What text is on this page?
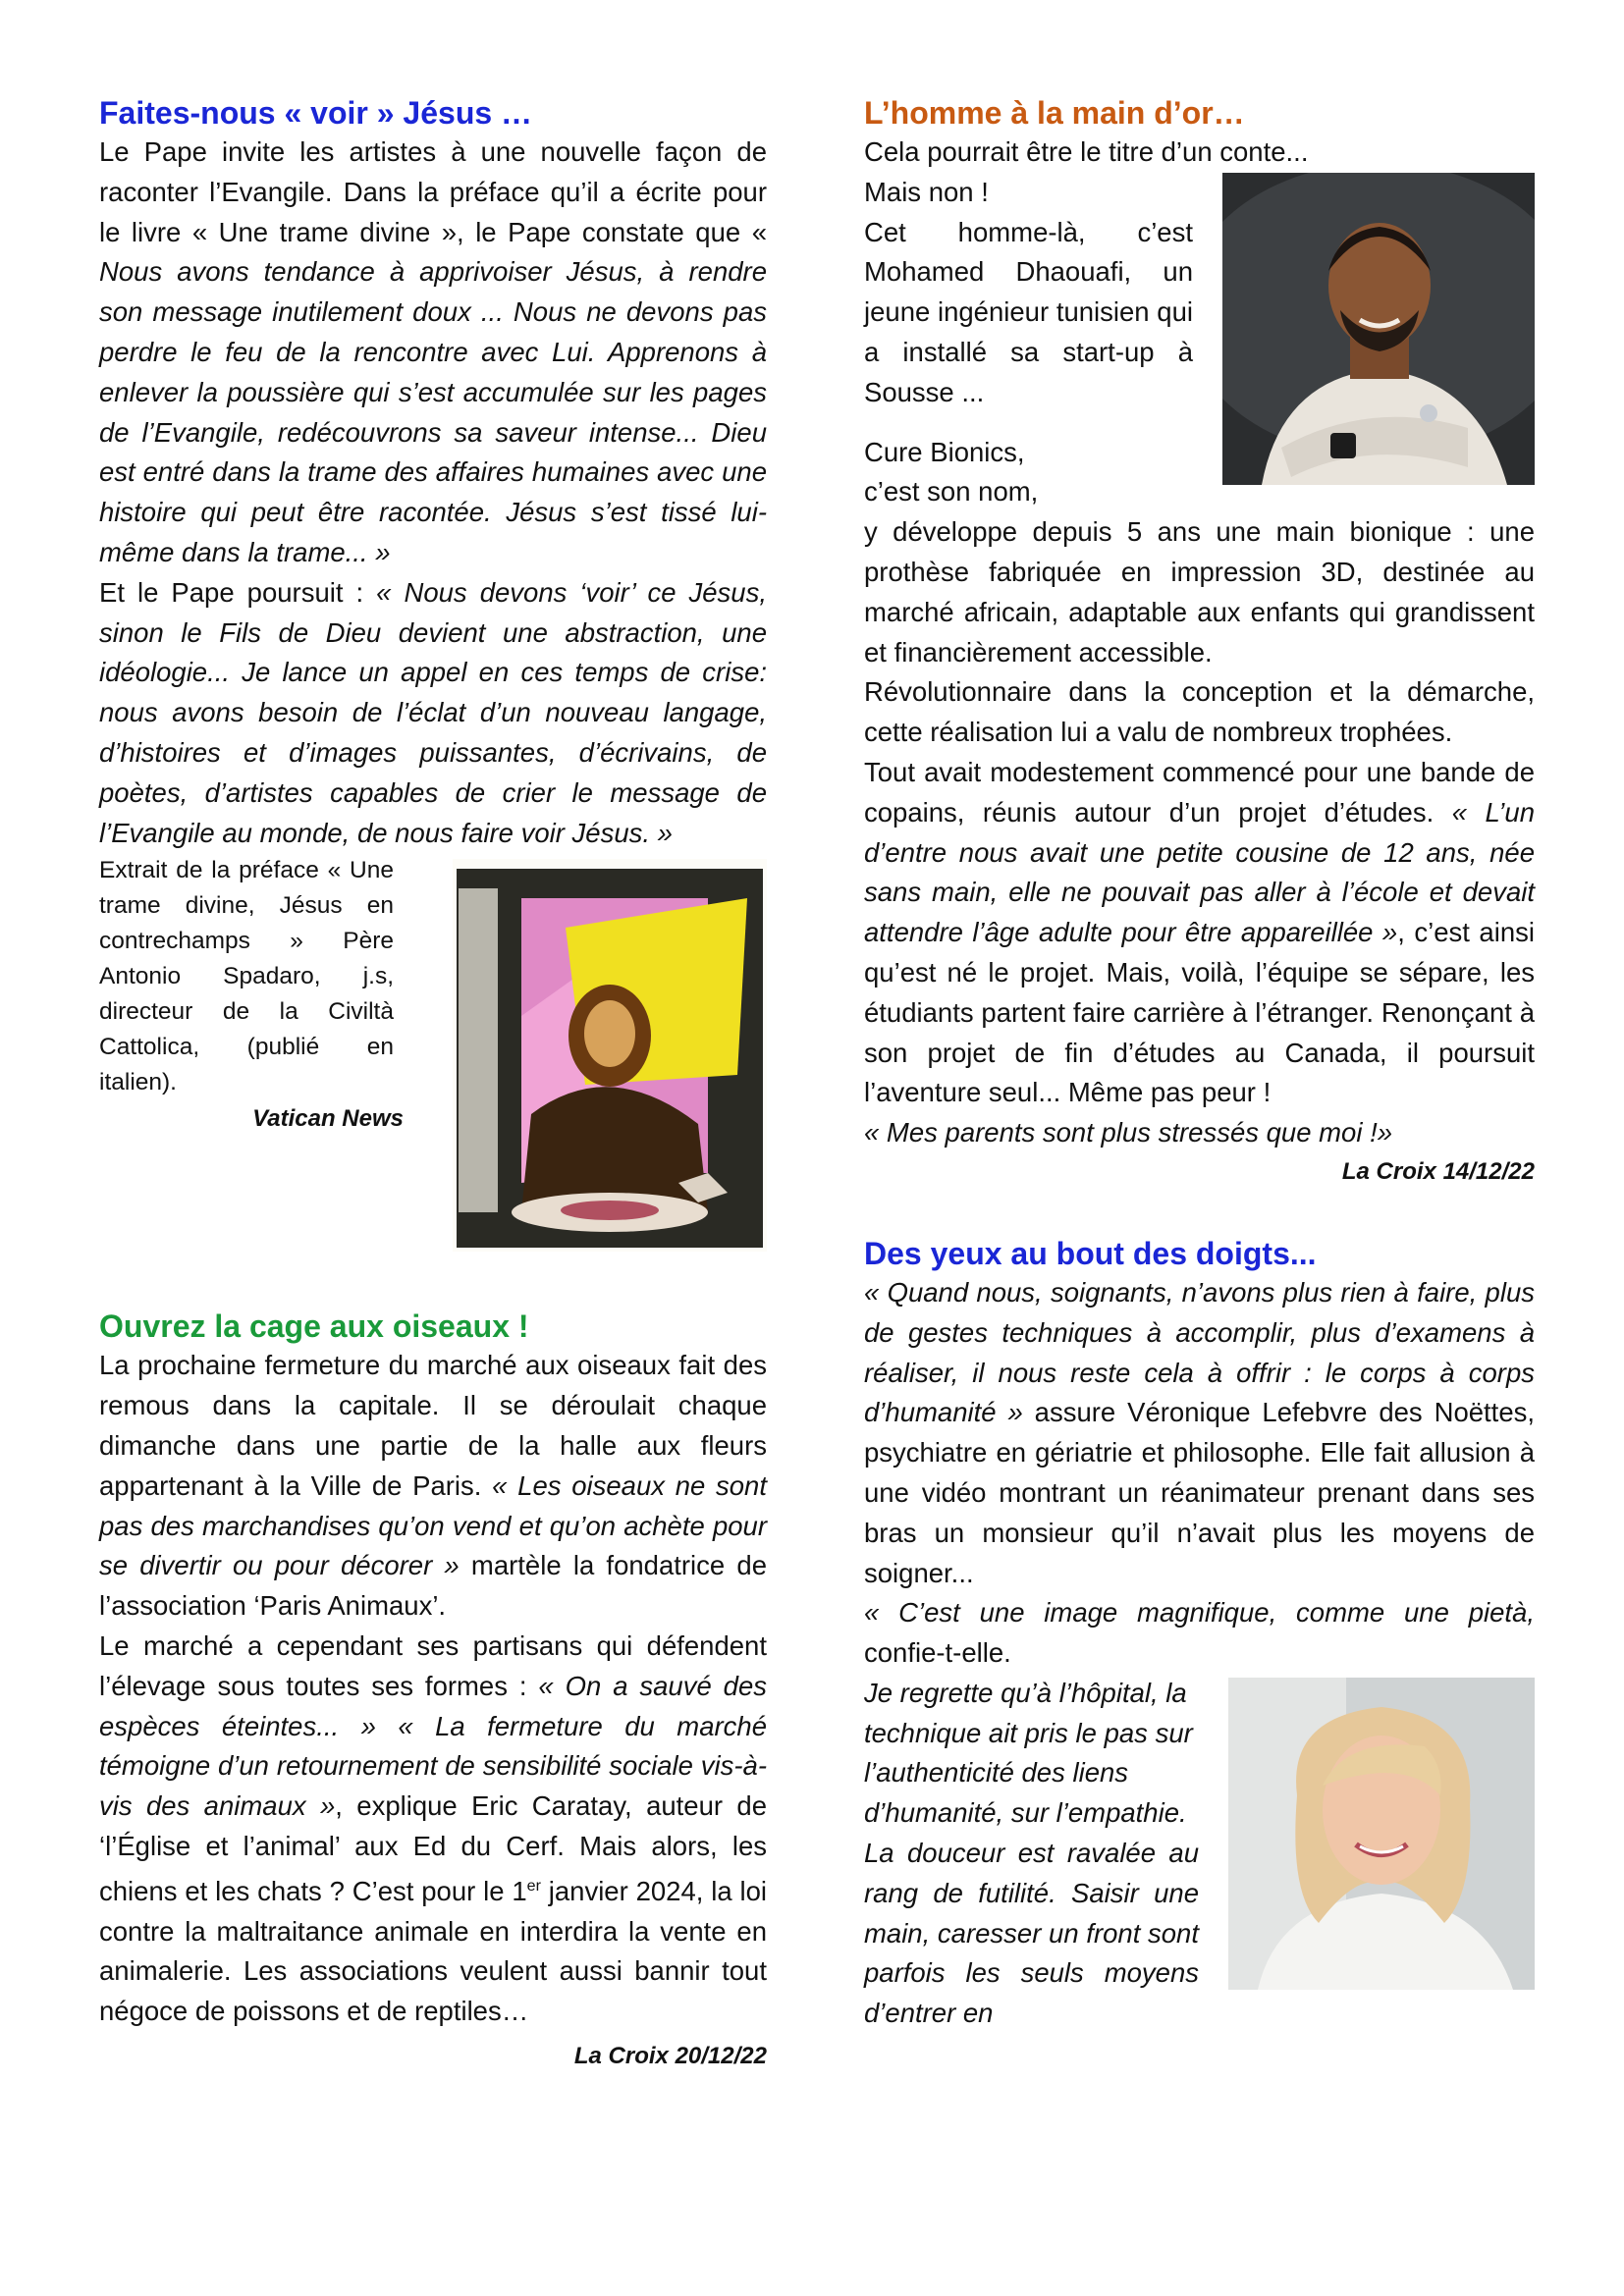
Faites-nous « voir » Jésus …

Le Pape invite les artistes à une nouvelle façon de raconter l’Evangile. Dans la préface qu’il a écrite pour le livre « Une trame divine », le Pape constate que « Nous avons tendance à apprivoiser Jésus, à rendre son message inutilement doux ... Nous ne devons pas perdre le feu de la rencontre avec Lui. Apprenons à enlever la poussière qui s’est accumulée sur les pages de l’Evangile, redécouvrons sa saveur intense... Dieu est entré dans la trame des affaires humaines avec une histoire qui peut être racontée. Jésus s’est tissé lui-même dans la trame... »

Et le Pape poursuit : « Nous devons ‘voir’ ce Jésus, sinon le Fils de Dieu devient une abstraction, une idéologie... Je lance un appel en ces temps de crise: nous avons besoin de l’éclat d’un nouveau langage, d’histoires et d’images puissantes, d’écrivains, de poètes, d’artistes capables de crier le message de l’Evangile au monde, de nous faire voir Jésus. »

Extrait de la préface « Une trame divine, Jésus en contrechamps » Père Antonio Spadaro, j.s, directeur de la Civiltà Cattolica, (publié en italien).

Vatican News

Ouvrez la cage aux oiseaux !

La prochaine fermeture du marché aux oiseaux fait des remous dans la capitale. Il se déroulait chaque dimanche dans une partie de la halle aux fleurs appartenant à la Ville de Paris. « Les oiseaux ne sont pas des marchandises qu’on vend et qu’on achète pour se divertir ou pour décorer » martèle la fondatrice de l’association ‘Paris Animaux’.

Le marché a cependant ses partisans qui défendent l’élevage sous toutes ses formes : « On a sauvé des espèces éteintes... » « La fermeture du marché témoigne d’un retournement de sensibilité sociale vis-à-vis des animaux », explique Eric Caratay, auteur de ‘l’Église et l’animal’ aux Ed du Cerf. Mais alors, les chiens et les chats ? C’est pour le 1er janvier 2024, la loi contre la maltraitance animale en interdira la vente en animalerie. Les associations veulent aussi bannir tout négoce de poissons et de reptiles…

La Croix 20/12/22

L’homme à la main d’or…

Cela pourrait être le titre d’un conte...

Mais non !

Cet homme-là, c’est Mohamed Dhaouafi, un jeune ingénieur tunisien qui a installé sa start-up à Sousse ...

Cure Bionics,

c’est son nom,

y développe depuis 5 ans une main bionique : une prothèse fabriquée en impression 3D, destinée au marché africain, adaptable aux enfants qui grandissent et financièrement accessible.

Révolutionnaire dans la conception et la démarche, cette réalisation lui a valu de nombreux trophées.

Tout avait modestement commencé pour une bande de copains, réunis autour d’un projet d’études. « L’un d’entre nous avait une petite cousine de 12 ans, née sans main, elle ne pouvait pas aller à l’école et devait attendre l’âge adulte pour être appareillée », c’est ainsi qu’est né le projet. Mais, voilà, l’équipe se sépare, les étudiants partent faire carrière à l’étranger. Renonçant à son projet de fin d’études au Canada, il poursuit l’aventure seul... Même pas peur !

« Mes parents sont plus stressés que moi !»

La Croix 14/12/22

Des yeux au bout des doigts...

« Quand nous, soignants, n’avons plus rien à faire, plus de gestes techniques à accomplir, plus d’examens à réaliser, il nous reste cela à offrir : le corps à corps d’humanité » assure Véronique Lefebvre des Noëttes, psychiatre en gériatrie et philosophe. Elle fait allusion à une vidéo montrant un réanimateur prenant dans ses bras un monsieur qu’il n’avait plus les moyens de soigner...

« C’est une image magnifique, comme une pietà, confie-t-elle.

Je regrette qu’à l’hôpital, la technique ait pris le pas sur l’authenticité des liens d’humanité, sur l’empathie.

La douceur est ravalée au rang de futilité. Saisir une main, caresser un front sont parfois les seuls moyens d’entrer en
